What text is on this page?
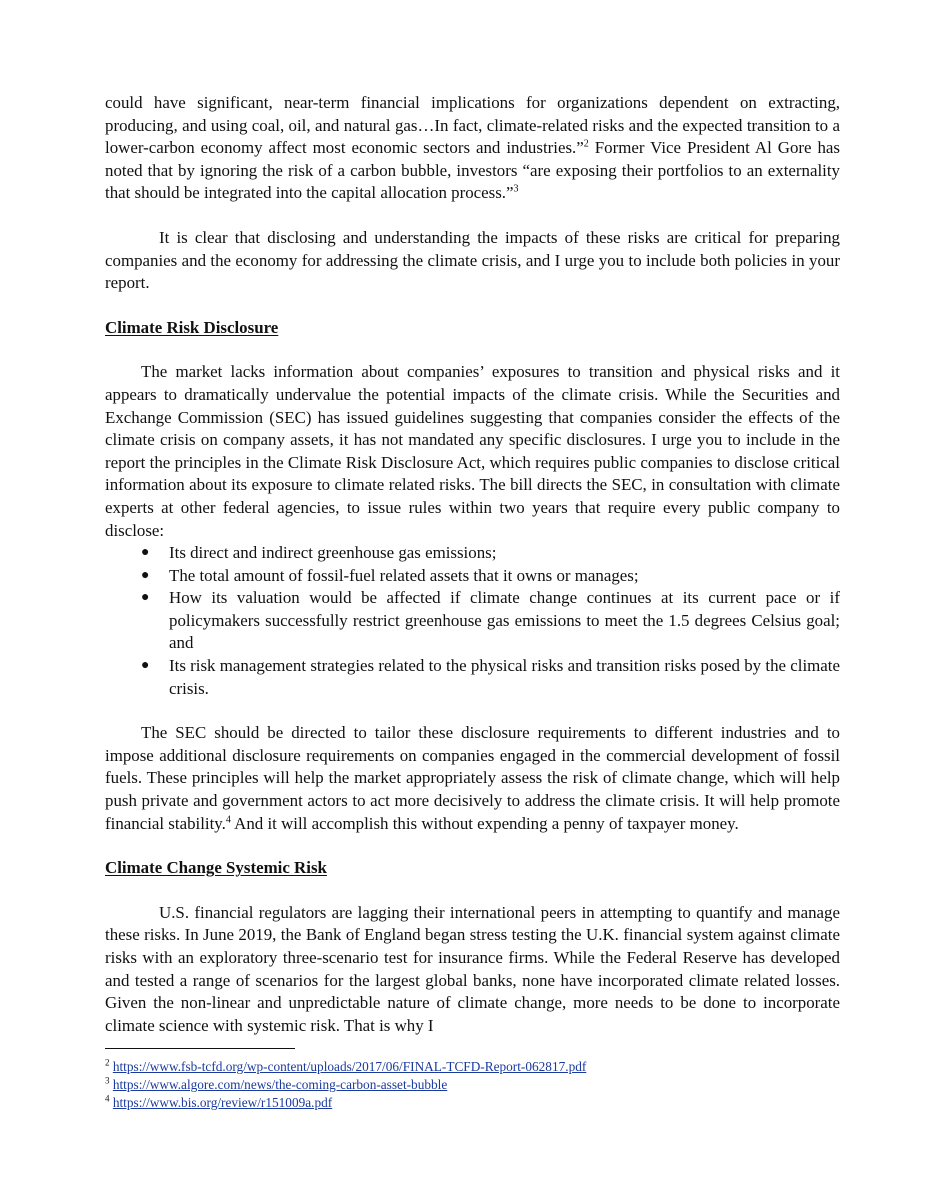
could have significant, near-term financial implications for organizations dependent on extracting, producing, and using coal, oil, and natural gas…In fact, climate-related risks and the expected transition to a lower-carbon economy affect most economic sectors and industries.”$^2$ Former Vice President Al Gore has noted that by ignoring the risk of a carbon bubble, investors “are exposing their portfolios to an externality that should be integrated into the capital allocation process.”$^3$

It is clear that disclosing and understanding the impacts of these risks are critical for preparing companies and the economy for addressing the climate crisis, and I urge you to include both policies in your report.

Climate Risk Disclosure

The market lacks information about companies’ exposures to transition and physical risks and it appears to dramatically undervalue the potential impacts of the climate crisis. While the Securities and Exchange Commission (SEC) has issued guidelines suggesting that companies consider the effects of the climate crisis on company assets, it has not mandated any specific disclosures. I urge you to include in the report the principles in the Climate Risk Disclosure Act, which requires public companies to disclose critical information about its exposure to climate related risks. The bill directs the SEC, in consultation with climate experts at other federal agencies, to issue rules within two years that require every public company to disclose:

● Its direct and indirect greenhouse gas emissions;
● The total amount of fossil-fuel related assets that it owns or manages;
● How its valuation would be affected if climate change continues at its current pace or if policymakers successfully restrict greenhouse gas emissions to meet the 1.5 degrees Celsius goal; and
● Its risk management strategies related to the physical risks and transition risks posed by the climate crisis.

The SEC should be directed to tailor these disclosure requirements to different industries and to impose additional disclosure requirements on companies engaged in the commercial development of fossil fuels. These principles will help the market appropriately assess the risk of climate change, which will help push private and government actors to act more decisively to address the climate crisis. It will help promote financial stability.$^4$ And it will accomplish this without expending a penny of taxpayer money.

Climate Change Systemic Risk

U.S. financial regulators are lagging their international peers in attempting to quantify and manage these risks. In June 2019, the Bank of England began stress testing the U.K. financial system against climate risks with an exploratory three-scenario test for insurance firms. While the Federal Reserve has developed and tested a range of scenarios for the largest global banks, none have incorporated climate related losses. Given the non-linear and unpredictable nature of climate change, more needs to be done to incorporate climate science with systemic risk. That is why I

$^2$ https://www.fsb-tcfd.org/wp-content/uploads/2017/06/FINAL-TCFD-Report-062817.pdf
$^3$ https://www.algore.com/news/the-coming-carbon-asset-bubble
$^4$ https://www.bis.org/review/r151009a.pdf
